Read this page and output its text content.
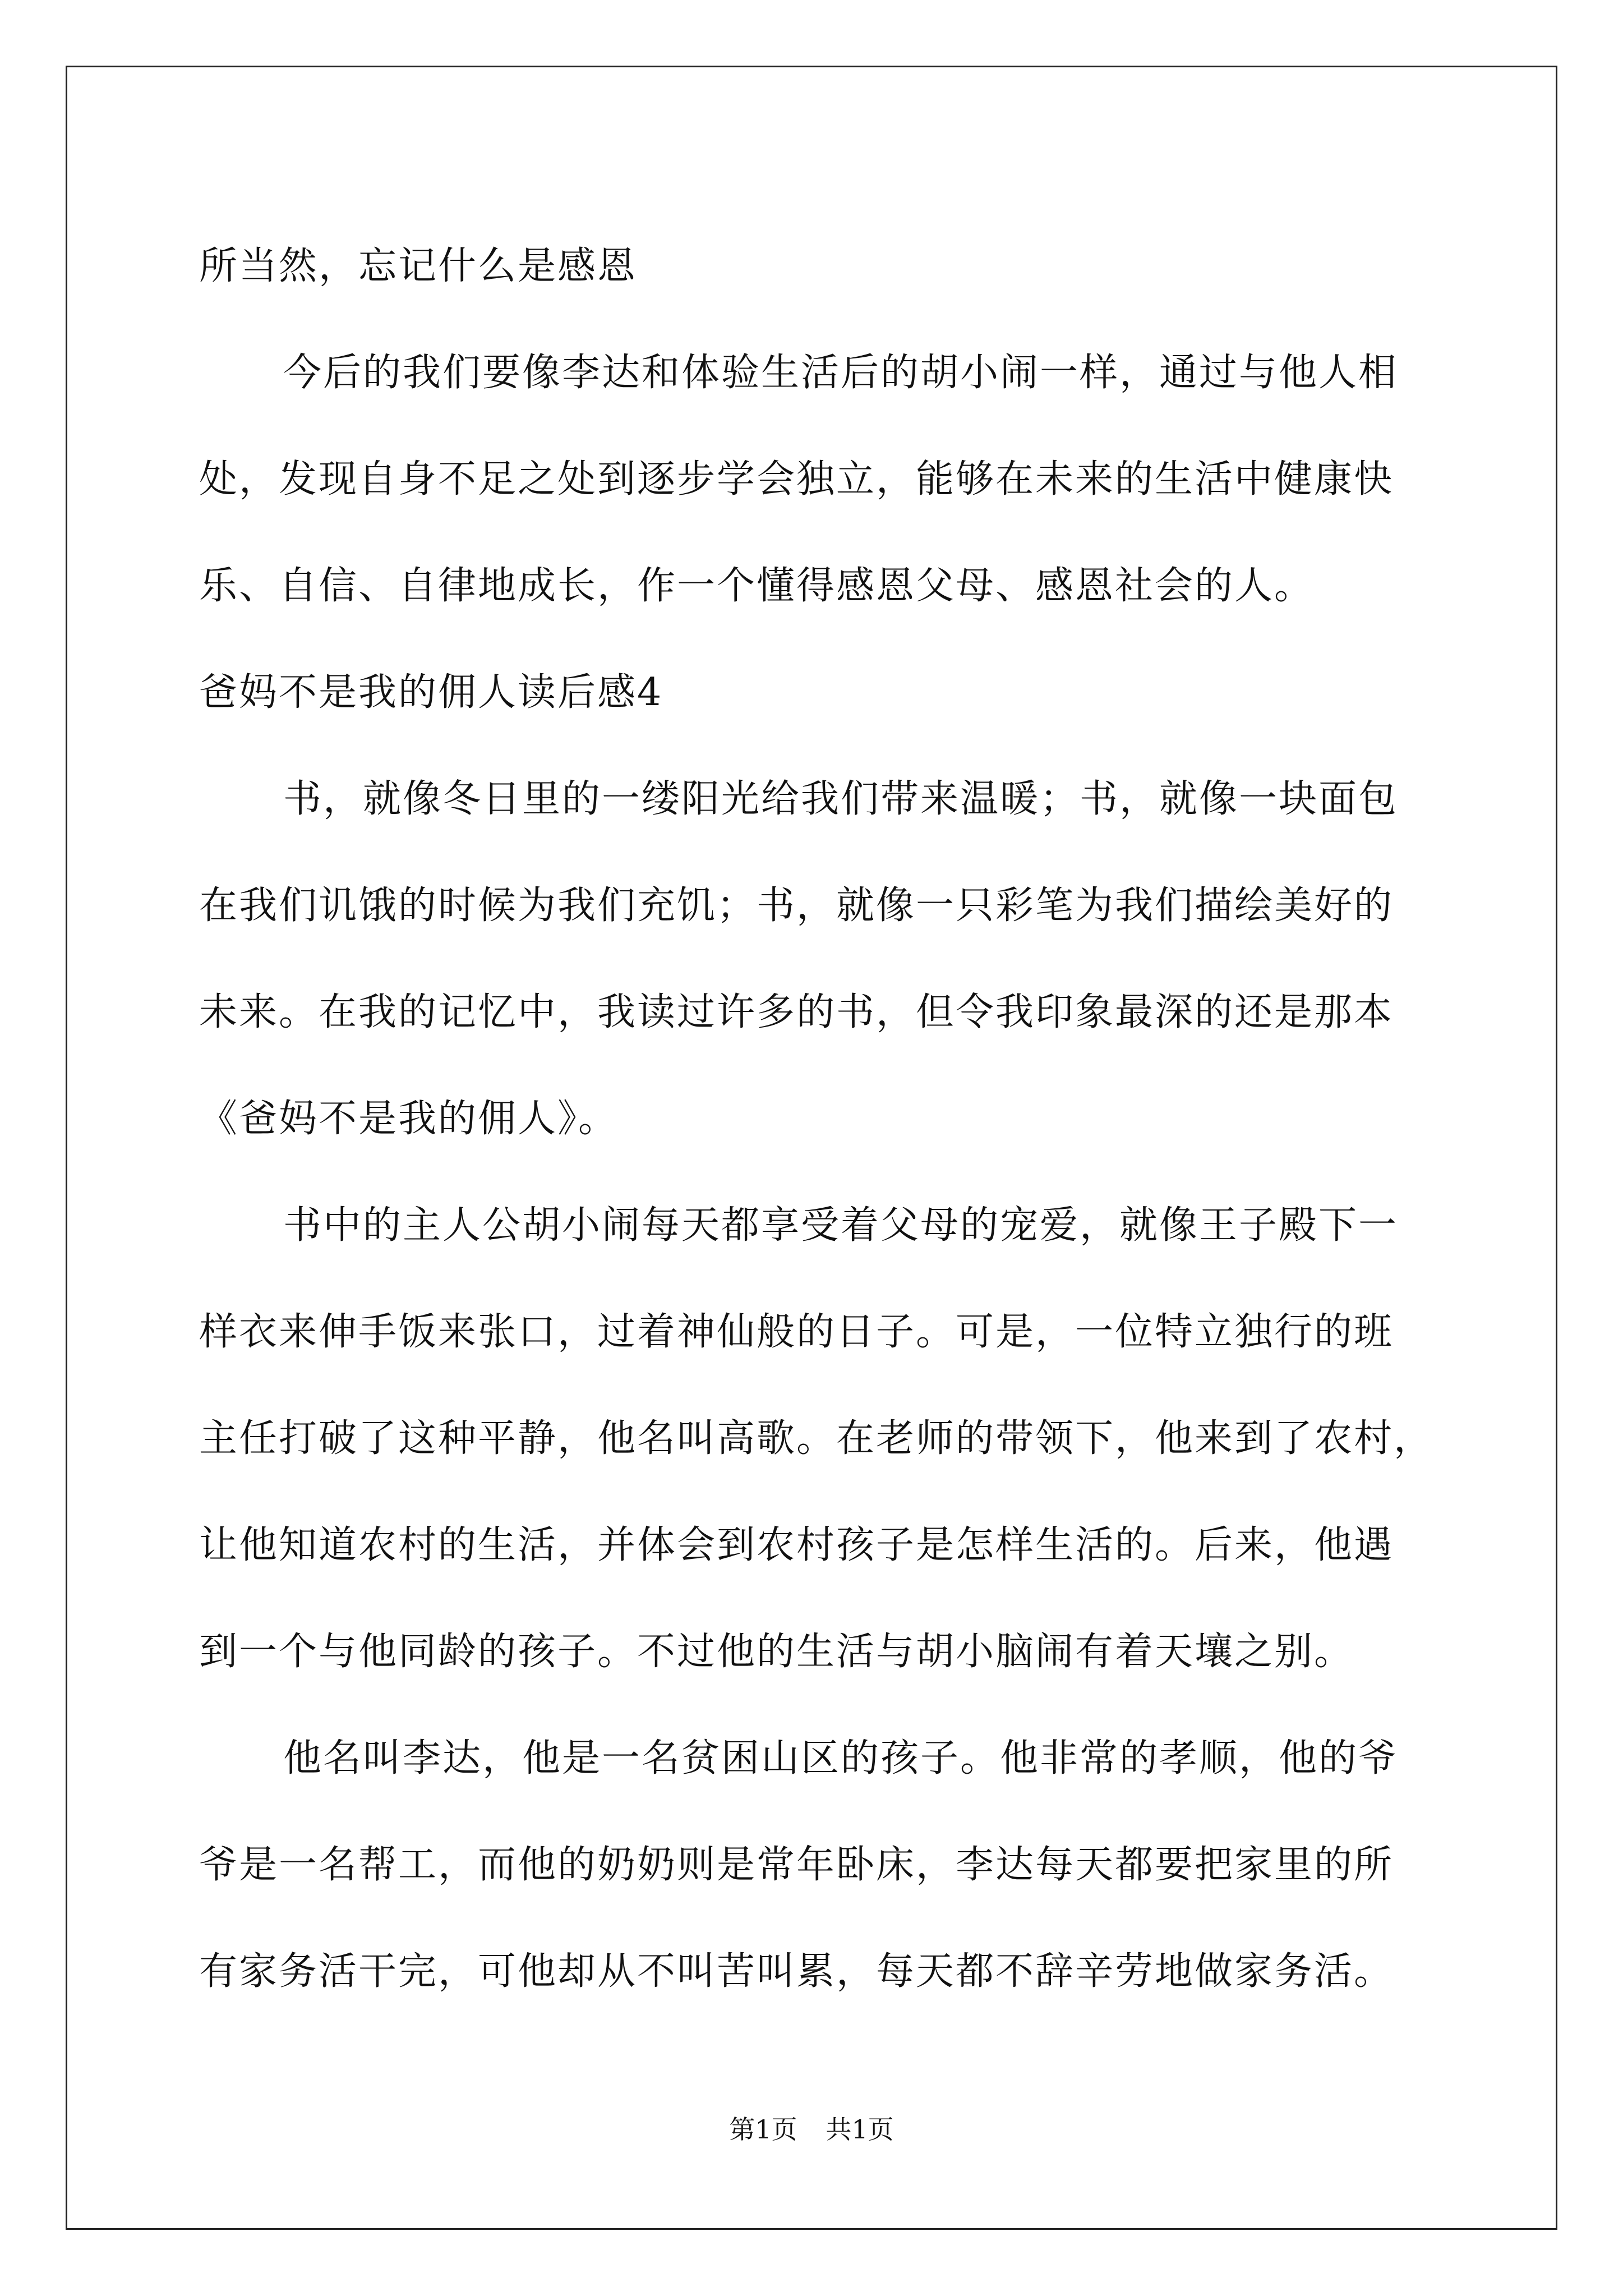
所当然，忘记什么是感恩

今后的我们要像李达和体验生活后的胡小闹一样，通过与他人相

处，发现自身不足之处到逐步学会独立，能够在未来的生活中健康快

乐、自信、自律地成长，作一个懂得感恩父母、感恩社会的人。

爸妈不是我的佣人读后感4

书，就像冬日里的一缕阳光给我们带来温暖；书，就像一块面包

在我们讥饿的时候为我们充饥；书，就像一只彩笔为我们描绘美好的

未来。在我的记忆中，我读过许多的书，但令我印象最深的还是那本

《爸妈不是我的佣人》。

书中的主人公胡小闹每天都享受着父母的宠爱，就像王子殿下一

样衣来伸手饭来张口，过着神仙般的日子。可是，一位特立独行的班

主任打破了这种平静，他名叫高歌。在老师的带领下，他来到了农村，

让他知道农村的生活，并体会到农村孩子是怎样生活的。后来，他遇

到一个与他同龄的孩子。不过他的生活与胡小脑闹有着天壤之别。

他名叫李达，他是一名贫困山区的孩子。他非常的孝顺，他的爷

爷是一名帮工，而他的奶奶则是常年卧床，李达每天都要把家里的所

有家务活干完，可他却从不叫苦叫累，每天都不辞辛劳地做家务活。

第1页 共1页
